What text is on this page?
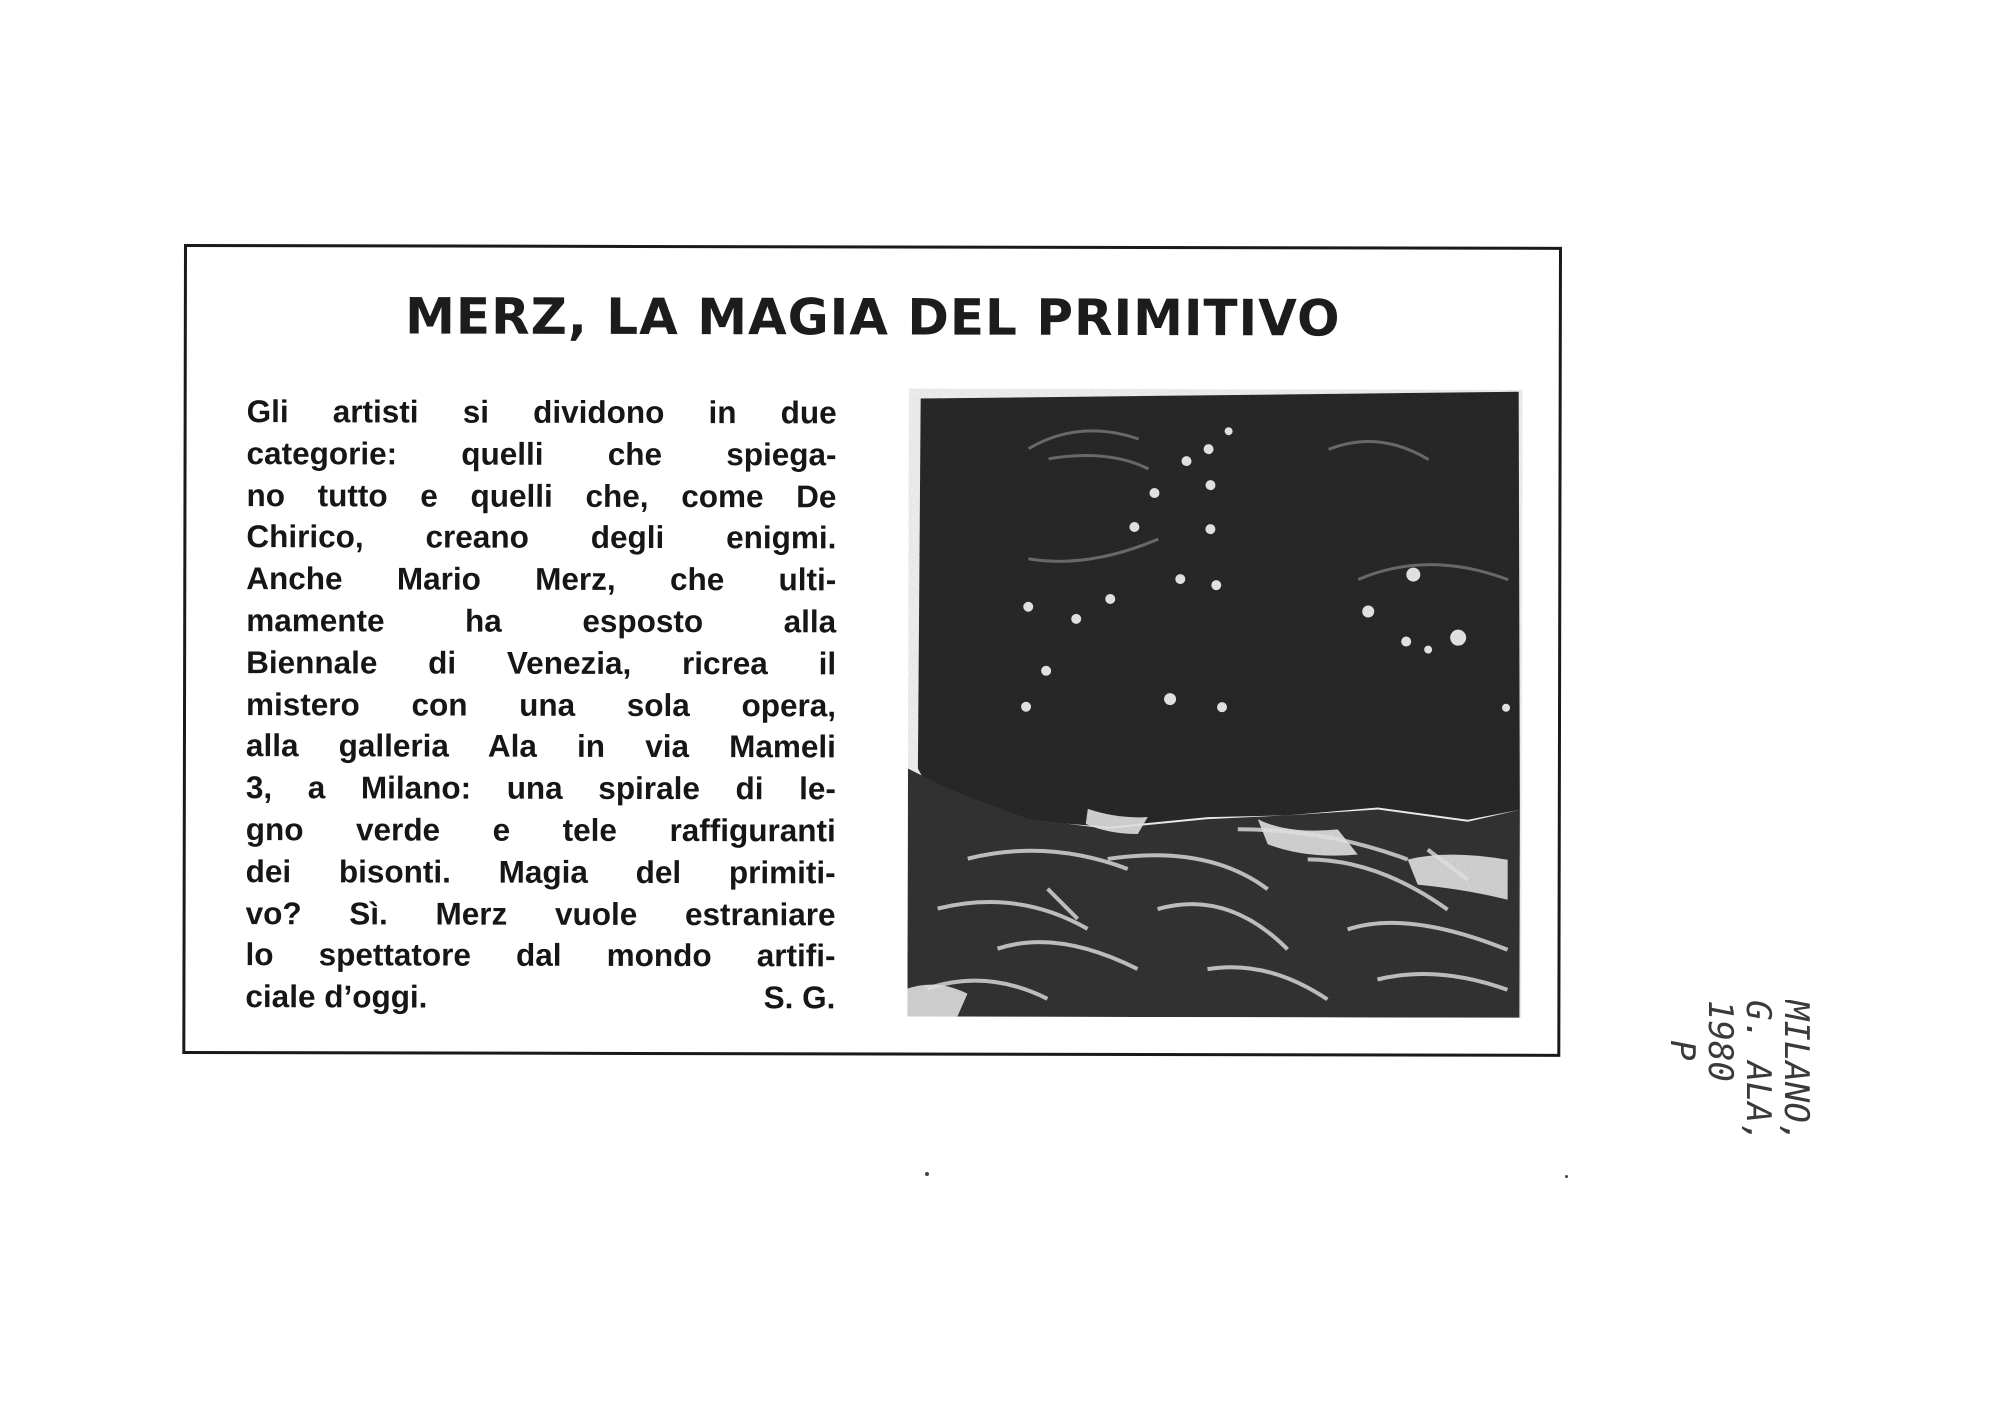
MERZ, LA MAGIA DEL PRIMITIVO
Gli artisti si dividono in due
categorie: quelli che spiega-
no tutto e quelli che, come De
Chirico, creano degli enigmi.
Anche Mario Merz, che ulti-
mamente ha esposto alla
Biennale di Venezia, ricrea il
mistero con una sola opera,
alla galleria Ala in via Mameli
3, a Milano: una spirale di le-
gno verde e tele raffiguranti
dei bisonti. Magia del primiti-
vo? Sì. Merz vuole estraniare
lo spettatore dal mondo artifi-
ciale d’oggi.	S. G.
MILANO,
G. ALA,
1980
P
